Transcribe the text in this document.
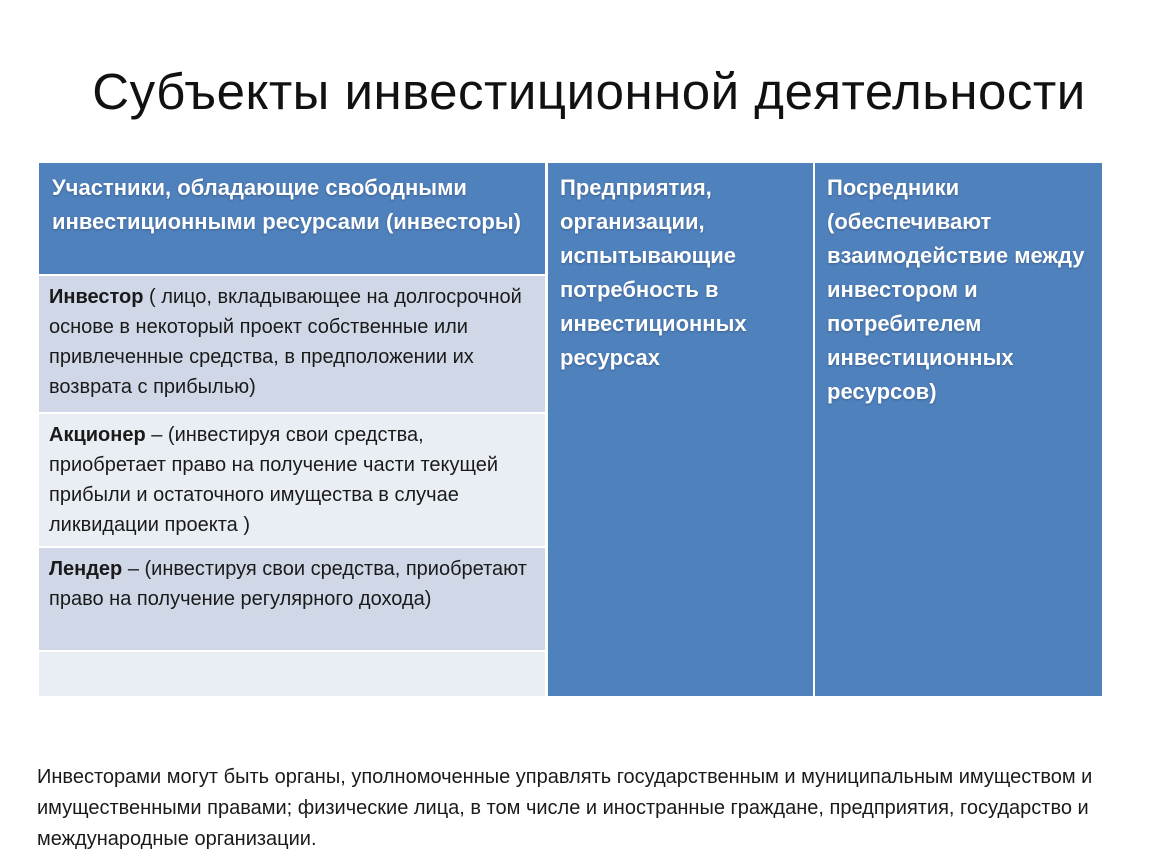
Субъекты инвестиционной деятельности
Участники, обладающие свободными инвестиционными ресурсами (инвесторы)
Инвестор ( лицо, вкладывающее на долгосрочной основе в некоторый проект собственные или привлеченные средства, в предположении их возврата с прибылью)
Акционер – (инвестируя свои средства, приобретает право на получение части текущей прибыли и остаточного имущества в случае ликвидации проекта )
Лендер – (инвестируя свои средства, приобретают право на получение регулярного дохода)
Предприятия, организации, испытывающие потребность в инвестиционных ресурсах
Посредники (обеспечивают взаимодействие между инвестором и потребителем инвестиционных ресурсов)
Инвесторами могут быть органы, уполномоченные управлять государственным и муниципальным имуществом и имущественными правами; физические лица, в том числе и иностранные граждане, предприятия, государство и международные организации.
